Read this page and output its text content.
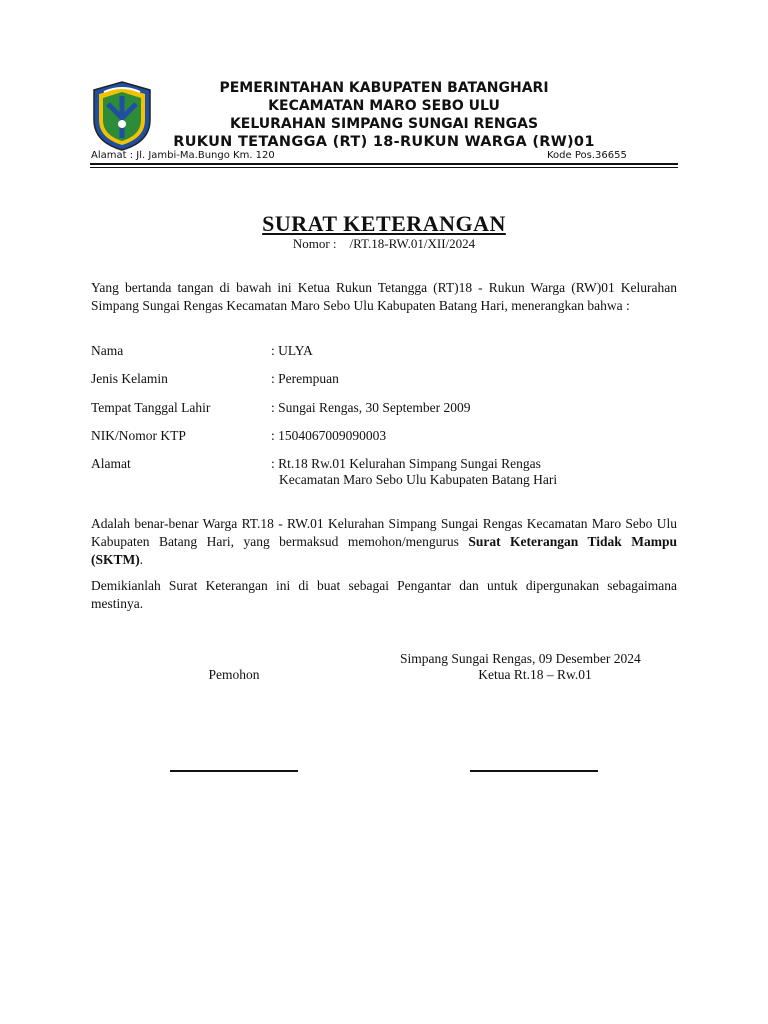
PEMERINTAHAN KABUPATEN BATANGHARI
KECAMATAN MARO SEBO ULU
KELURAHAN SIMPANG SUNGAI RENGAS
RUKUN TETANGGA (RT) 18-RUKUN WARGA (RW)01
Alamat : Jl. Jambi-Ma.Bungo Km. 120	Kode Pos.36655
SURAT KETERANGAN
Nomor :    /RT.18-RW.01/XII/2024
Yang bertanda tangan di bawah ini Ketua Rukun Tetangga (RT)18 - Rukun Warga (RW)01 Kelurahan Simpang Sungai Rengas Kecamatan Maro Sebo Ulu Kabupaten Batang Hari, menerangkan bahwa :
Nama	: ULYA
Jenis Kelamin	: Perempuan
Tempat Tanggal Lahir	: Sungai Rengas, 30 September 2009
NIK/Nomor KTP	: 1504067009090003
Alamat	: Rt.18 Rw.01 Kelurahan Simpang Sungai Rengas
Kecamatan Maro Sebo Ulu Kabupaten Batang Hari
Adalah benar-benar Warga RT.18 - RW.01 Kelurahan Simpang Sungai Rengas Kecamatan Maro Sebo Ulu Kabupaten Batang Hari, yang bermaksud memohon/mengurus Surat Keterangan Tidak Mampu (SKTM).
Demikianlah Surat Keterangan ini di buat sebagai Pengantar dan untuk dipergunakan sebagaimana mestinya.
Simpang Sungai Rengas, 09 Desember 2024
Pemohon	Ketua Rt.18 – Rw.01
